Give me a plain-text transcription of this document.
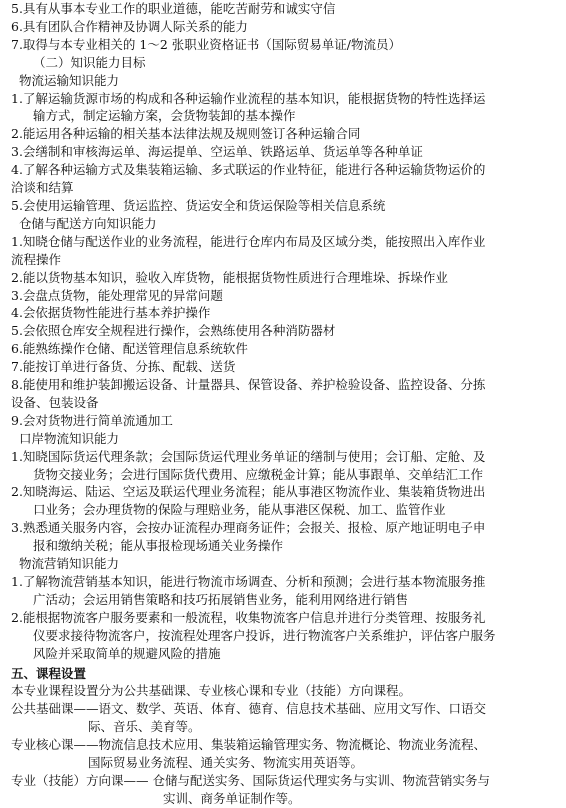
5.具有从事本专业工作的职业道德，能吃苦耐劳和诚实守信
6.具有团队合作精神及协调人际关系的能力
7.取得与本专业相关的 1～2 张职业资格证书（国际贸易单证/物流员）
（二）知识能力目标
物流运输知识能力
1.了解运输货源市场的构成和各种运输作业流程的基本知识，能根据货物的特性选择运
输方式，制定运输方案，会货物装卸的基本操作
2.能运用各种运输的相关基本法律法规及规则签订各种运输合同
3.会缮制和审核海运单、海运提单、空运单、铁路运单、货运单等各种单证
4.了解各种运输方式及集装箱运输、多式联运的作业特征，能进行各种运输货物运价的
洽谈和结算
5.会使用运输管理、货运监控、货运安全和货运保险等相关信息系统
仓储与配送方向知识能力
1.知晓仓储与配送作业的业务流程，能进行仓库内布局及区域分类，能按照出入库作业
流程操作
2.能以货物基本知识，验收入库货物，能根据货物性质进行合理堆垛、拆垛作业
3.会盘点货物，能处理常见的异常问题
4.会依据货物性能进行基本养护操作
5.会依照仓库安全规程进行操作，会熟练使用各种消防器材
6.能熟练操作仓储、配送管理信息系统软件
7.能按订单进行备货、分拣、配载、送货
8.能使用和维护装卸搬运设备、计量器具、保管设备、养护检验设备、监控设备、分拣
设备、包装设备
9.会对货物进行简单流通加工
口岸物流知识能力
1.知晓国际货运代理条款；会国际货运代理业务单证的缮制与使用；会订船、定舱、及
货物交接业务；会进行国际货代费用、应缴税金计算；能从事跟单、交单结汇工作
2.知晓海运、陆运、空运及联运代理业务流程；能从事港区物流作业、集装箱货物进出
口业务；会办理货物的保险与理赔业务，能从事港区保税、加工、监管作业
3.熟悉通关服务内容，会按办证流程办理商务证件；会报关、报检、原产地证明电子申
报和缴纳关税；能从事报检现场通关业务操作
物流营销知识能力
1.了解物流营销基本知识，能进行物流市场调查、分析和预测；会进行基本物流服务推
广活动；会运用销售策略和技巧拓展销售业务，能利用网络进行销售
2.能根据物流客户服务要素和一般流程，收集物流客户信息并进行分类管理、按服务礼
仪要求接待物流客户，按流程处理客户投诉，进行物流客户关系维护，评估客户服务
风险并采取简单的规避风险的措施
五、课程设置
本专业课程设置分为公共基础课、专业核心课和专业（技能）方向课程。
公共基础课——语文、数学、英语、体育、德育、信息技术基础、应用文写作、口语交
际、音乐、美育等。
专业核心课——物流信息技术应用、集装箱运输管理实务、物流概论、物流业务流程、
国际贸易业务流程、通关实务、物流实用英语等。
专业（技能）方向课—— 仓储与配送实务、国际货运代理实务与实训、物流营销实务与
实训、商务单证制作等。
